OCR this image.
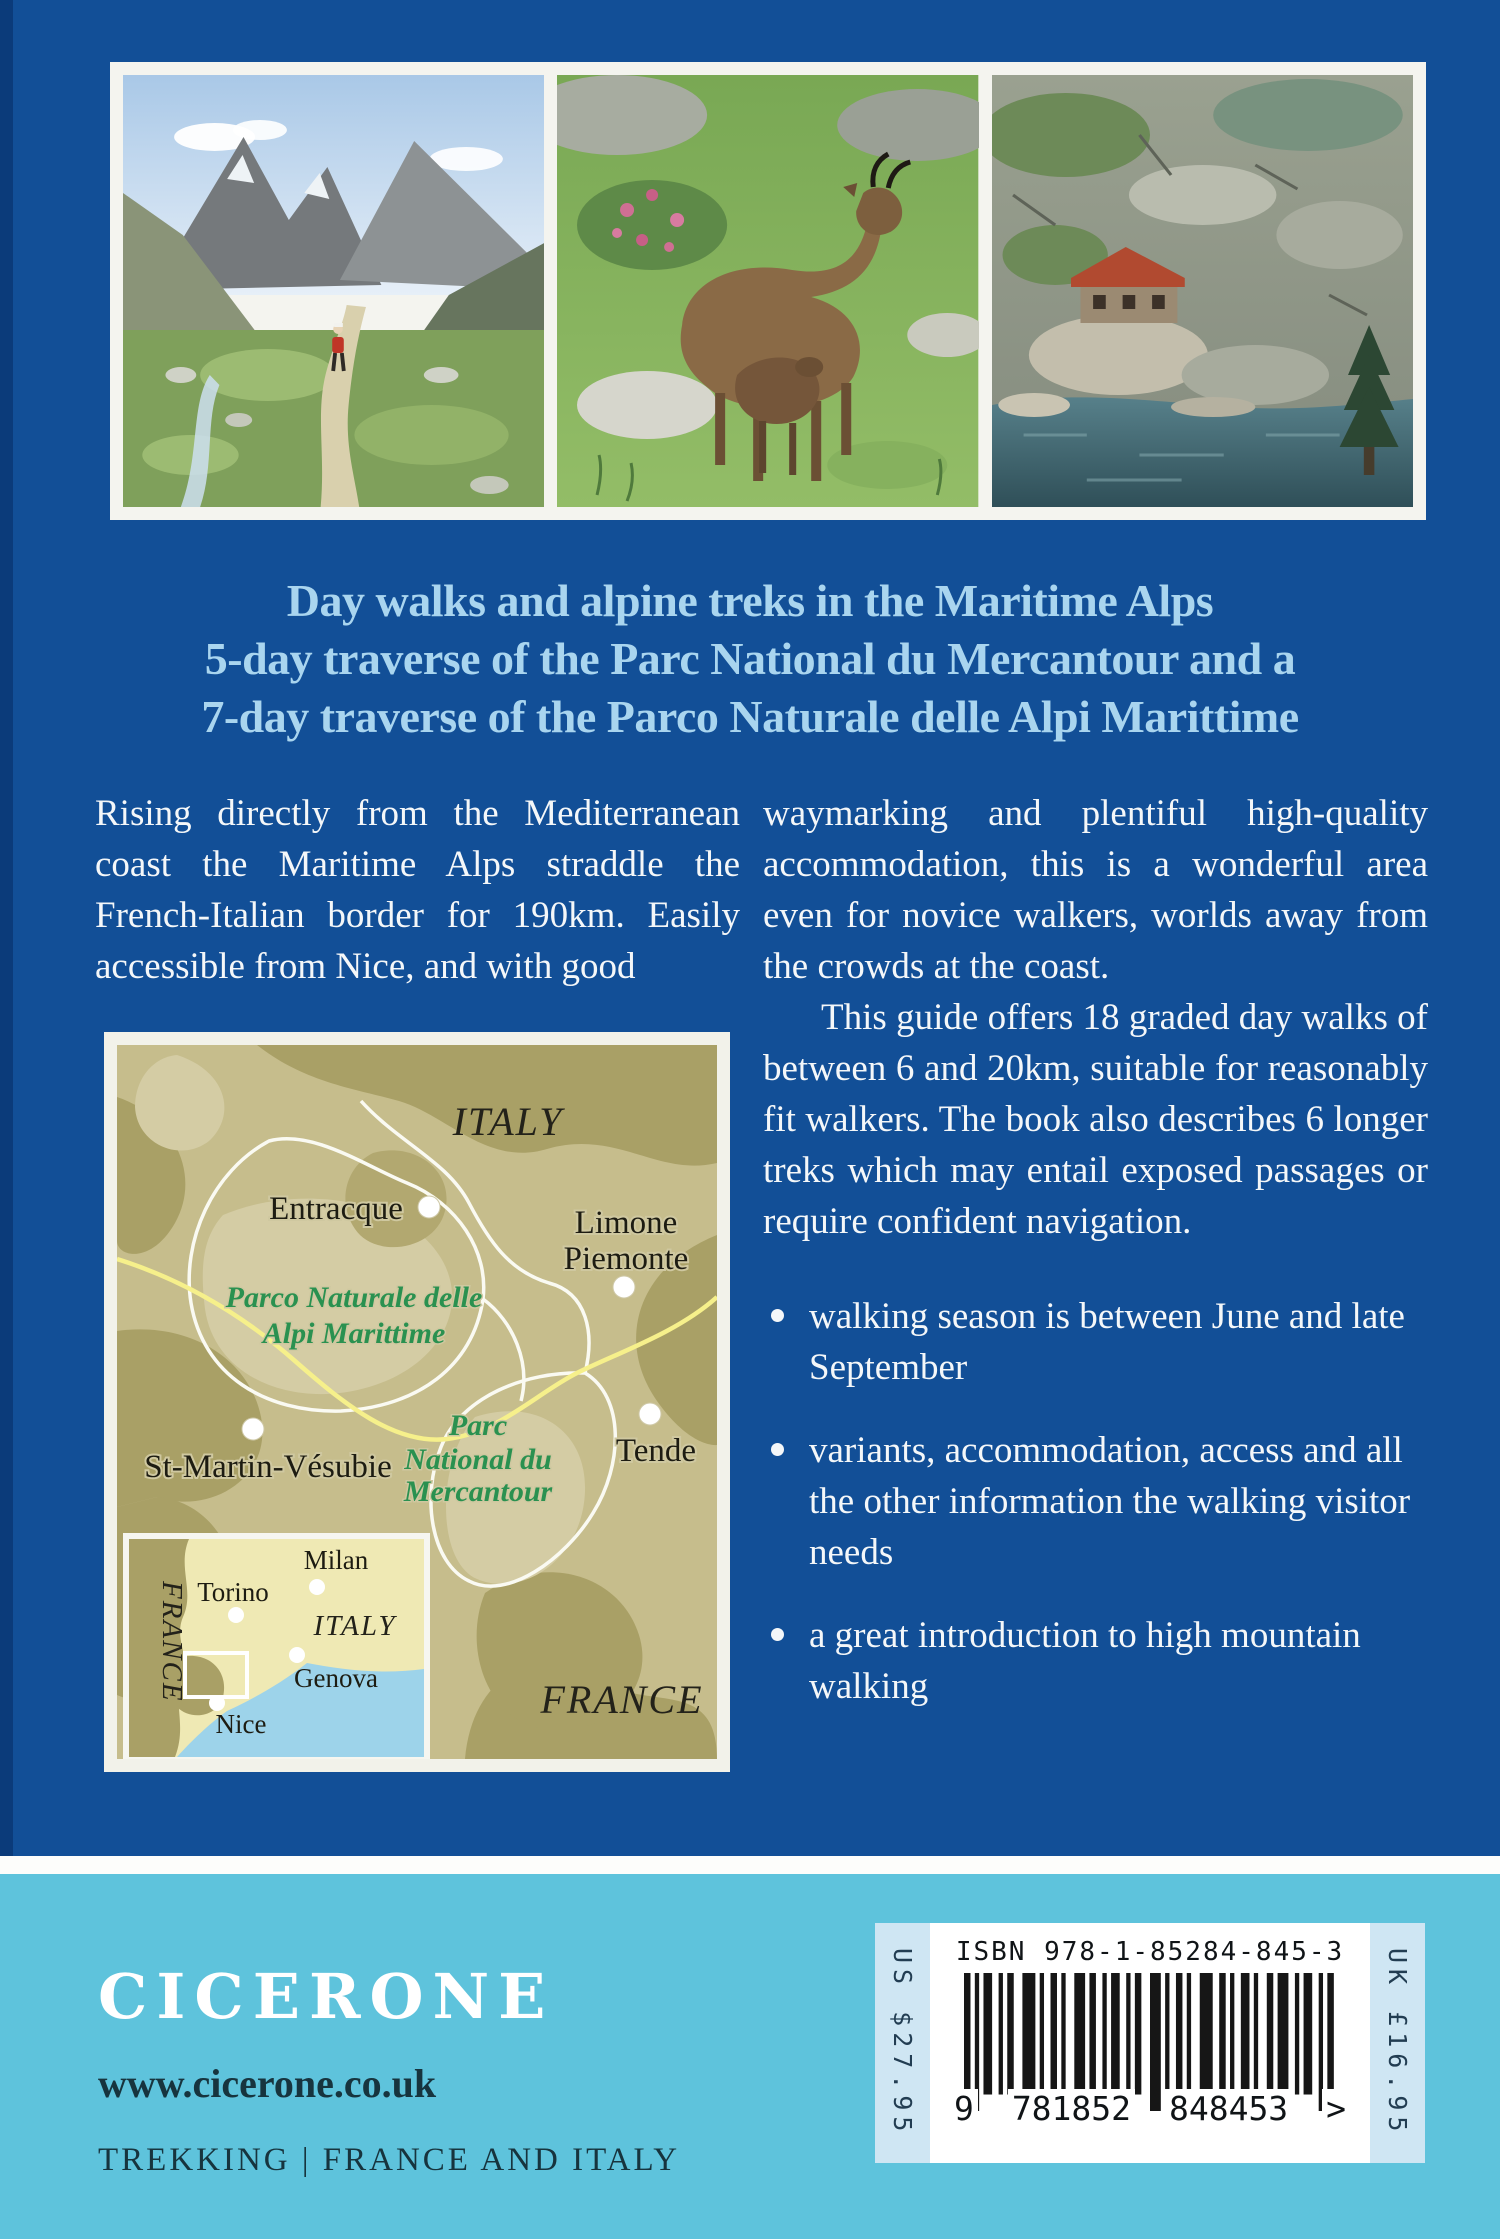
Day walks and alpine treks in the Maritime Alps
5-day traverse of the Parc National du Mercantour and a
7-day traverse of the Parco Naturale delle Alpi Marittime

Rising directly from the Mediterranean coast the Maritime Alps straddle the French-Italian border for 190km. Easily accessible from Nice, and with good

waymarking and plentiful high-quality accommodation, this is a wonderful area even for novice walkers, worlds away from the crowds at the coast.

This guide offers 18 graded day walks of between 6 and 20km, suitable for reasonably fit walkers. The book also describes 6 longer treks which may entail exposed passages or require confident navigation.

walking season is between June and late September
variants, accommodation, access and all the other information the walking visitor needs
a great introduction to high mountain walking
ITALY
Entracque	Limone
Piemonte
Parco Naturale delle
Alpi Marittime
St-Martin-Vésubie
Parc
National du
Mercantour
Tende
FRANCE
Milan
Torino
ITALY
Genova
Nice
FRANCE
CICERONE
www.cicerone.co.uk
TREKKING | FRANCE AND ITALY
US $27.95 ISBN 978-1-85284-845-3
9 781852 848453 > UK £16.95
